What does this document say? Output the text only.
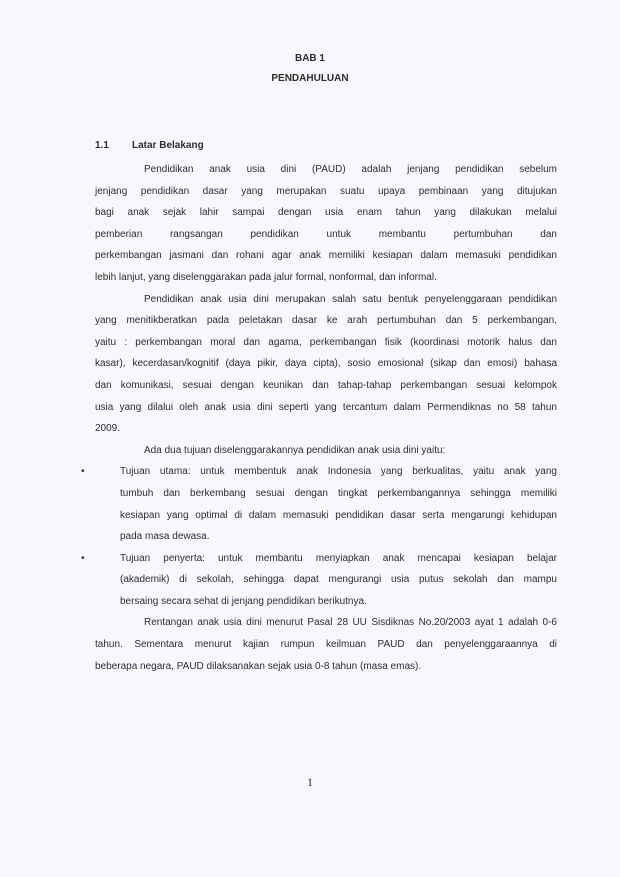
BAB 1
PENDAHULUAN
1.1 Latar Belakang
Pendidikan anak usia dini (PAUD) adalah jenjang pendidikan sebelum
jenjang pendidikan dasar yang merupakan suatu upaya pembinaan yang ditujukan
bagi anak sejak lahir sampai dengan usia enam tahun yang dilakukan melalui
pemberian rangsangan pendidikan untuk membantu pertumbuhan dan
perkembangan jasmani dan rohani agar anak memiliki kesiapan dalam memasuki pendidikan
lebih lanjut, yang diselenggarakan pada jalur formal, nonformal, dan informal.
Pendidikan anak usia dini merupakan salah satu bentuk penyelenggaraan pendidikan
yang menitikberatkan pada peletakan dasar ke arah pertumbuhan dan 5 perkembangan,
yaitu : perkembangan moral dan agama, perkembangan fisik (koordinasi motorik halus dan
kasar), kecerdasan/kognitif (daya pikir, daya cipta), sosio emosional (sikap dan emosi) bahasa
dan komunikasi, sesuai dengan keunikan dan tahap-tahap perkembangan sesuai kelompok
usia yang dilalui oleh anak usia dini seperti yang tercantum dalam Permendiknas no 58 tahun
2009.
Ada dua tujuan diselenggarakannya pendidikan anak usia dini yaitu:
•	Tujuan utama: untuk membentuk anak Indonesia yang berkualitas, yaitu anak yang
tumbuh dan berkembang sesuai dengan tingkat perkembangannya sehingga memiliki
kesiapan yang optimal di dalam memasuki pendidikan dasar serta mengarungi kehidupan
pada masa dewasa.
•	Tujuan penyerta: untuk membantu menyiapkan anak mencapai kesiapan belajar
(akademik) di sekolah, sehingga dapat mengurangi usia putus sekolah dan mampu
bersaing secara sehat di jenjang pendidikan berikutnya.
Rentangan anak usia dini menurut Pasal 28 UU Sisdiknas No.20/2003 ayat 1 adalah 0-6
tahun. Sementara menurut kajian rumpun keilmuan PAUD dan penyelenggaraannya di
beberapa negara, PAUD dilaksanakan sejak usia 0-8 tahun (masa emas).
1
